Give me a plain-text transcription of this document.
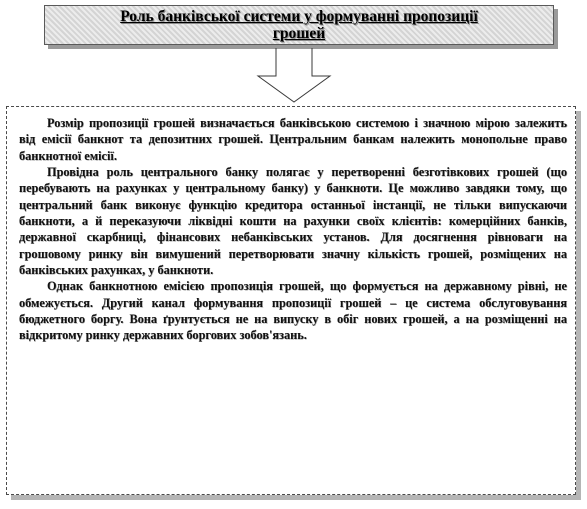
Роль банківської системи у формуванні пропозиції грошей

Розмір пропозиції грошей визначається банківською системою і значною мірою залежить від емісії банкнот та депозитних грошей. Центральним банкам належить монопольне право банкнотної емісії.

Провідна роль центрального банку полягає у перетворенні безготівкових грошей (що перебувають на рахунках у центральному банку) у банкноти. Це можливо завдяки тому, що центральний банк виконує функцію кредитора останньої інстанції, не тільки випускаючи банкноти, а й переказуючи ліквідні кошти на рахунки своїх клієнтів: комерційних банків, державної скарбниці, фінансових небанківських установ. Для досягнення рівноваги на грошовому ринку він вимушений перетворювати значну кількість грошей, розміщених на банківських рахунках, у банкноти.

Однак банкнотною емісією пропозиція грошей, що формується на державному рівні, не обмежується. Другий канал формування пропозиції грошей – це система обслуговування бюджетного боргу. Вона ґрунтується не на випуску в обіг нових грошей, а на розміщенні на відкритому ринку державних боргових зобов'язань.
